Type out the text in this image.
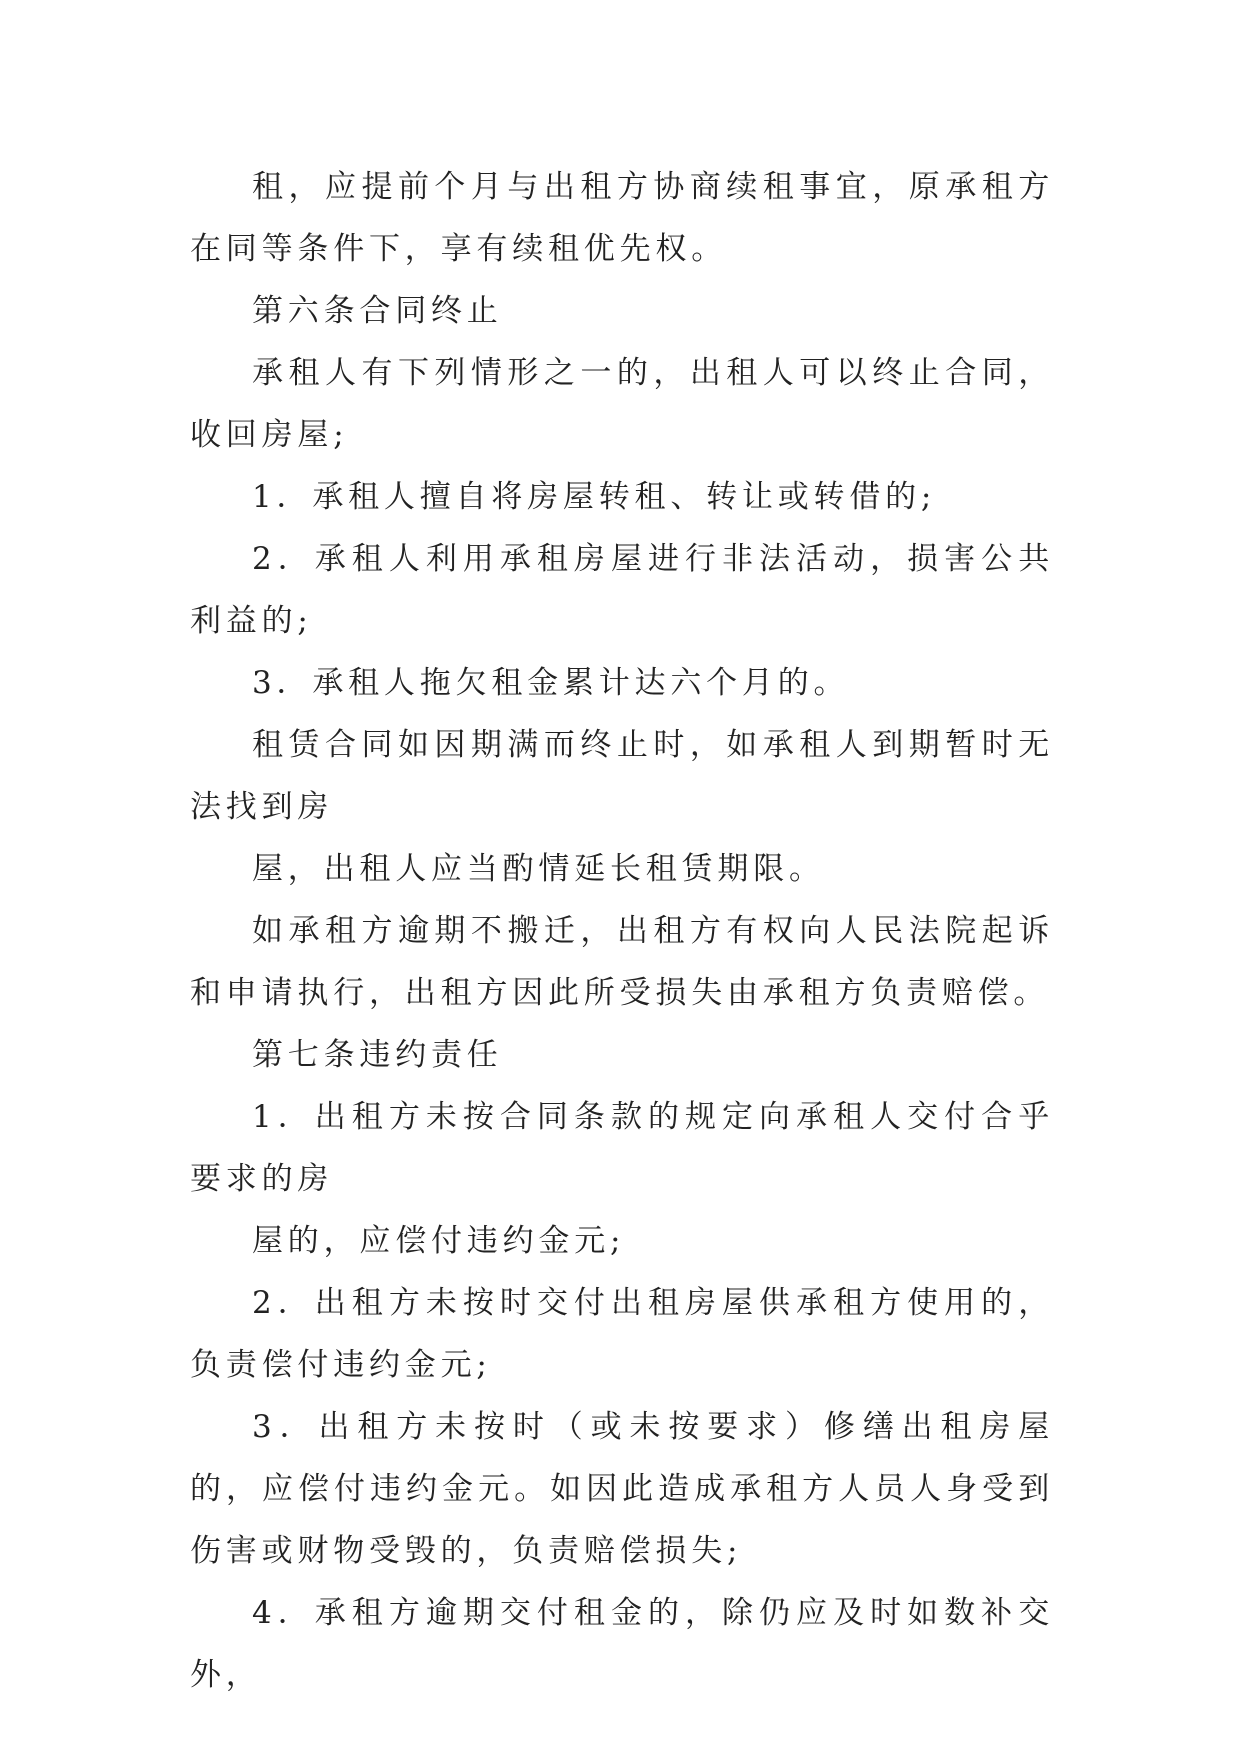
租，应提前个月与出租方协商续租事宜，原承租方在同等条件下，享有续租优先权。

第六条合同终止

承租人有下列情形之一的，出租人可以终止合同，收回房屋;

1．承租人擅自将房屋转租、转让或转借的;

2．承租人利用承租房屋进行非法活动，损害公共利益的;

3．承租人拖欠租金累计达六个月的。

租赁合同如因期满而终止时，如承租人到期暂时无法找到房

屋，出租人应当酌情延长租赁期限。

如承租方逾期不搬迁，出租方有权向人民法院起诉和申请执行，出租方因此所受损失由承租方负责赔偿。

第七条违约责任

1．出租方未按合同条款的规定向承租人交付合乎要求的房

屋的，应偿付违约金元;

2．出租方未按时交付出租房屋供承租方使用的，负责偿付违约金元;

3．出租方未按时（或未按要求）修缮出租房屋的，应偿付违约金元。如因此造成承租方人员人身受到伤害或财物受毁的，负责赔偿损失;

4．承租方逾期交付租金的，除仍应及时如数补交外，
